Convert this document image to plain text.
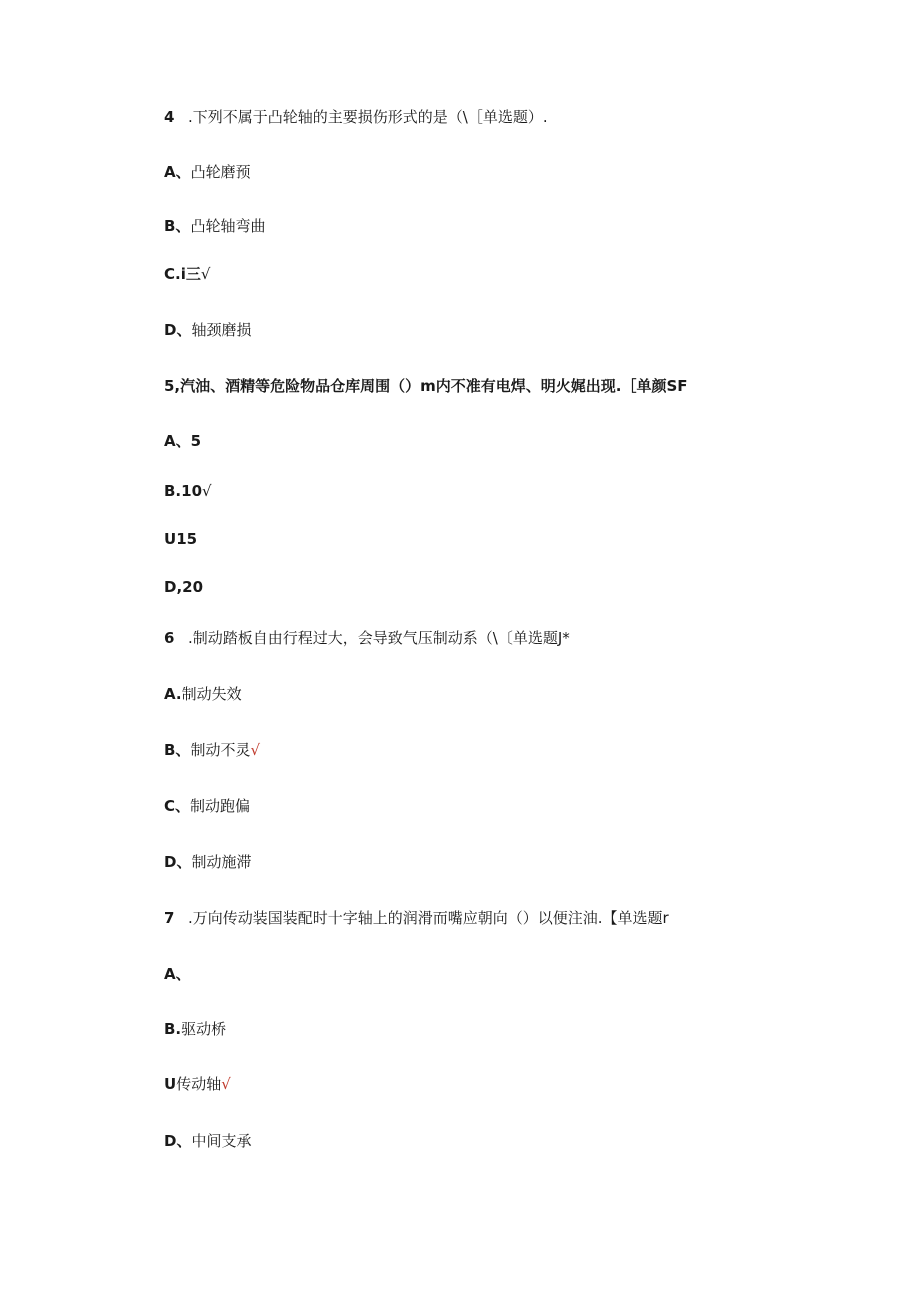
4 .下列不属于凸轮轴的主要损伤形式的是（\［单选题）.
A、凸轮磨预
B、凸轮轴弯曲
C.i三√
D、轴颈磨损
5,汽油、酒精等危险物品仓库周围（）m内不准有电焊、明火娓出现.［单颜SF
A、5
B.10√
U15
D,20
6 .制动踏板自由行程过大，会导致气压制动系（\〔单选题J*
A.制动失效
B、制动不灵√
C、制动跑偏
D、制动施滞
7 .万向传动装国装配时十字轴上的润滑而嘴应朝向（）以便注油.【单选题r
A、
B.驱动桥
U传动轴√
D、中间支承
